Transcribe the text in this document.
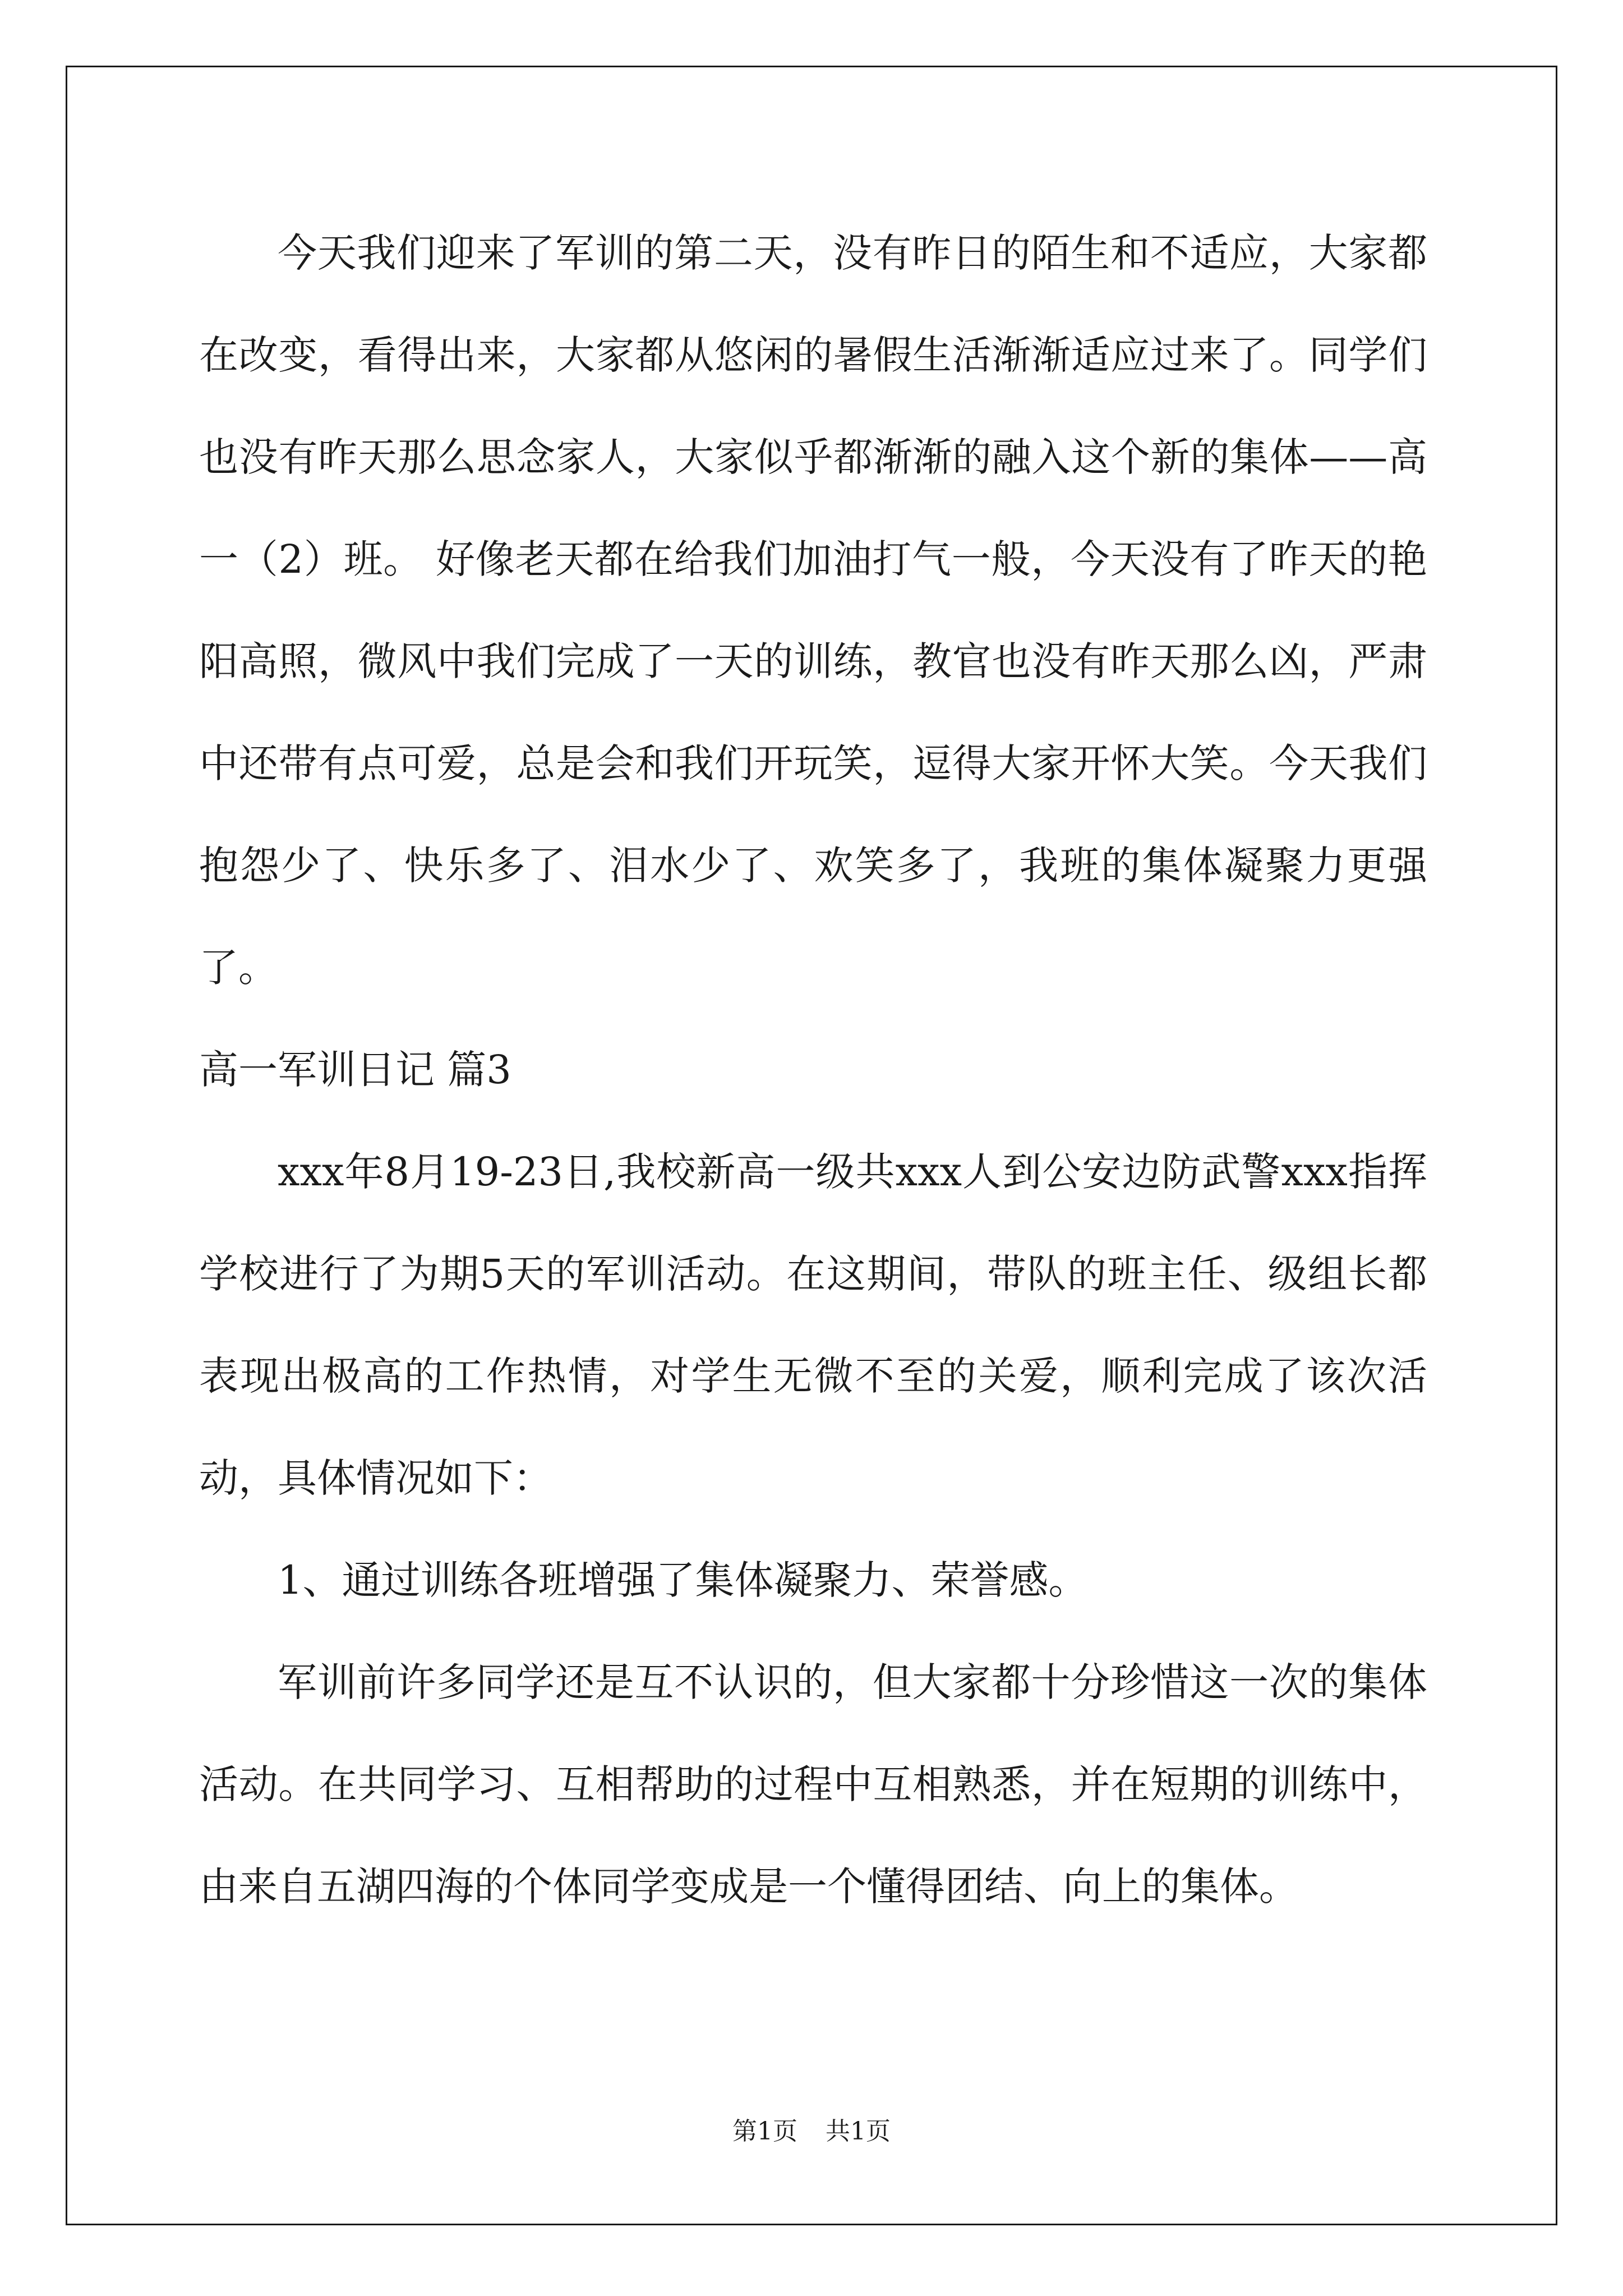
今天我们迎来了军训的第二天，没有昨日的陌生和不适应，大家都在改变，看得出来，大家都从悠闲的暑假生活渐渐适应过来了。同学们也没有昨天那么思念家人，大家似乎都渐渐的融入这个新的集体——高一（2）班。 好像老天都在给我们加油打气一般，今天没有了昨天的艳阳高照，微风中我们完成了一天的训练，教官也没有昨天那么凶，严肃中还带有点可爱，总是会和我们开玩笑，逗得大家开怀大笑。今天我们抱怨少了、快乐多了、泪水少了、欢笑多了，我班的集体凝聚力更强了。

高一军训日记 篇3

xxx年8月19-23日,我校新高一级共xxx人到公安边防武警xxx指挥学校进行了为期5天的军训活动。在这期间，带队的班主任、级组长都表现出极高的工作热情，对学生无微不至的关爱，顺利完成了该次活动，具体情况如下：

1、通过训练各班增强了集体凝聚力、荣誉感。

军训前许多同学还是互不认识的，但大家都十分珍惜这一次的集体活动。在共同学习、互相帮助的过程中互相熟悉，并在短期的训练中，由来自五湖四海的个体同学变成是一个懂得团结、向上的集体。

第1页 共1页
